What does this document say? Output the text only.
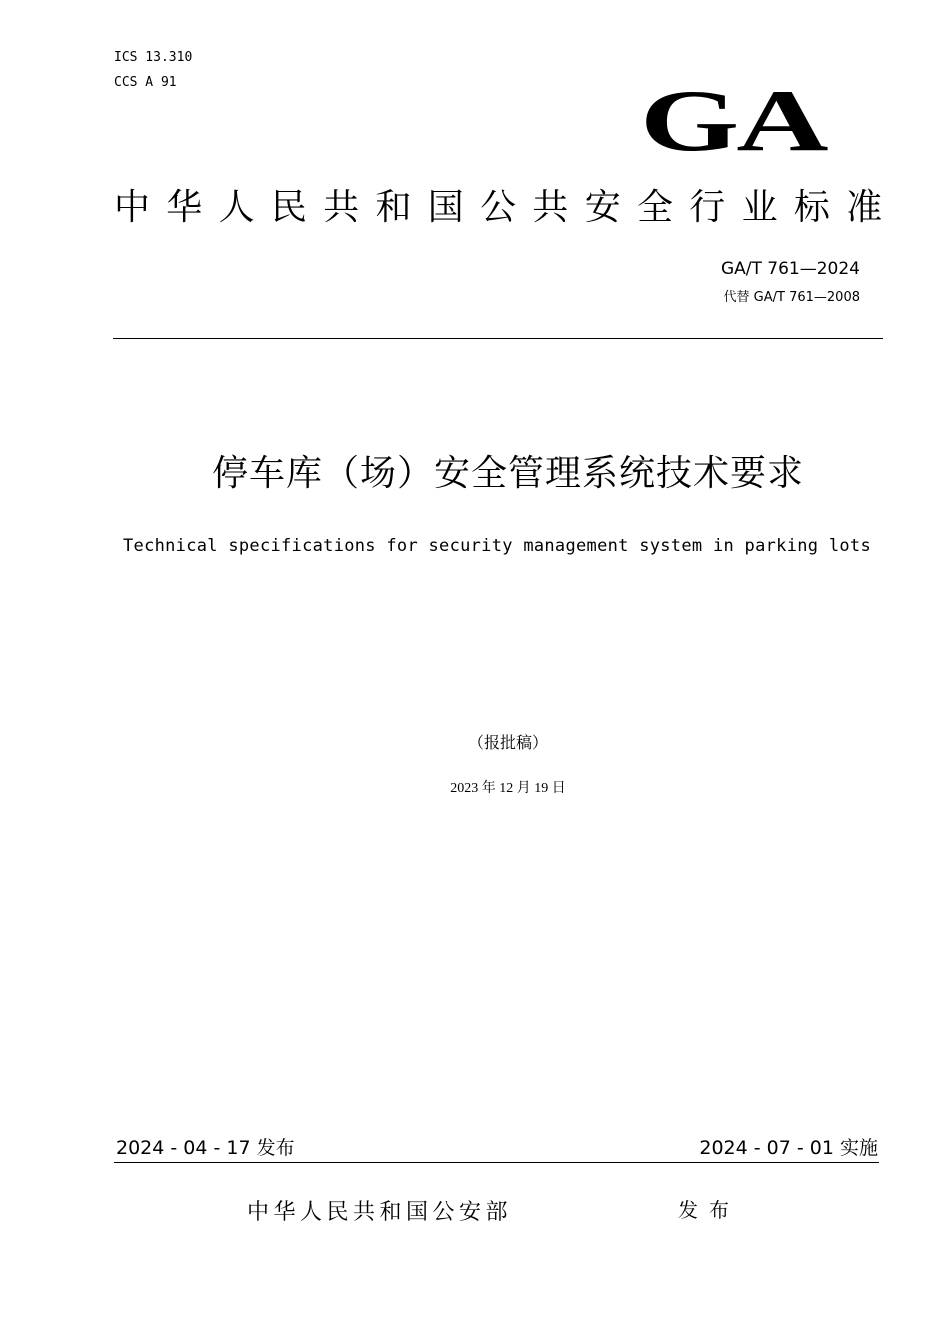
ICS 13.310
CCS A 91	GA
中华人民共和国公共安全行业标准
GA/T 761—2024
代替 GA/T 761—2008
停车库（场）安全管理系统技术要求
Technical specifications for security management system in parking lots
（报批稿）
2023 年 12 月 19 日
2024 - 04 - 17 发布	2024 - 07 - 01 实施
中华人民共和国公安部	发布
